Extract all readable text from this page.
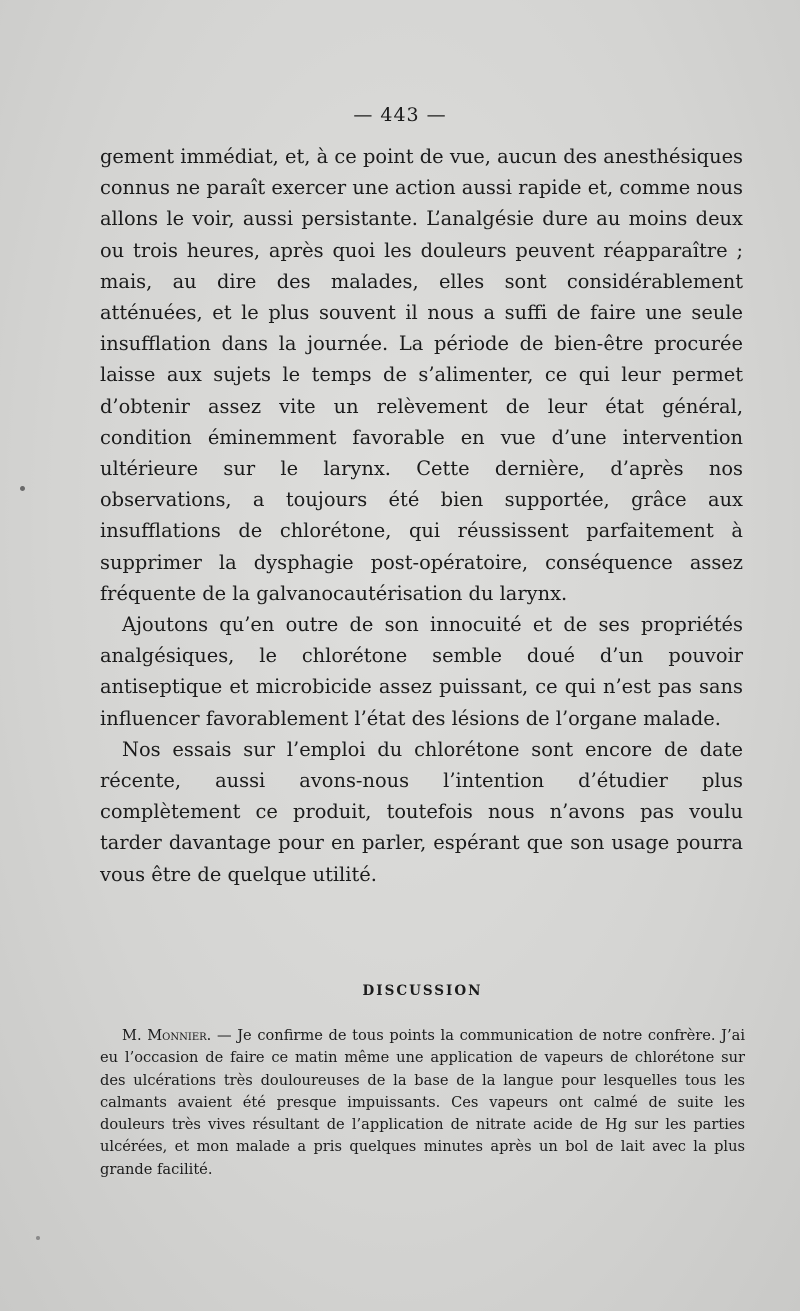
— 443 —

gement immédiat, et, à ce point de vue, aucun des anesthésiques connus ne paraît exercer une action aussi rapide et, comme nous allons le voir, aussi persistante. L’analgésie dure au moins deux ou trois heures, après quoi les douleurs peuvent réapparaître ; mais, au dire des malades, elles sont considérablement atténuées, et le plus souvent il nous a suffi de faire une seule insufflation dans la journée. La période de bien-être procurée laisse aux sujets le temps de s’alimenter, ce qui leur permet d’obtenir assez vite un relèvement de leur état général, condition éminemment favorable en vue d’une intervention ultérieure sur le larynx. Cette dernière, d’après nos observations, a toujours été bien supportée, grâce aux insufflations de chlorétone, qui réussissent parfaitement à supprimer la dysphagie post-opératoire, conséquence assez fréquente de la galvanocautérisation du larynx.

Ajoutons qu’en outre de son innocuité et de ses propriétés analgésiques, le chlorétone semble doué d’un pouvoir antiseptique et microbicide assez puissant, ce qui n’est pas sans influencer favorablement l’état des lésions de l’organe malade.

Nos essais sur l’emploi du chlorétone sont encore de date récente, aussi avons-nous l’intention d’étudier plus complètement ce produit, toutefois nous n’avons pas voulu tarder davantage pour en parler, espérant que son usage pourra vous être de quelque utilité.

DISCUSSION

M. Monnier. — Je confirme de tous points la communication de notre confrère. J’ai eu l’occasion de faire ce matin même une application de vapeurs de chlorétone sur des ulcérations très douloureuses de la base de la langue pour lesquelles tous les calmants avaient été presque impuissants. Ces vapeurs ont calmé de suite les douleurs très vives résultant de l’application de nitrate acide de Hg sur les parties ulcérées, et mon malade a pris quelques minutes après un bol de lait avec la plus grande facilité.
